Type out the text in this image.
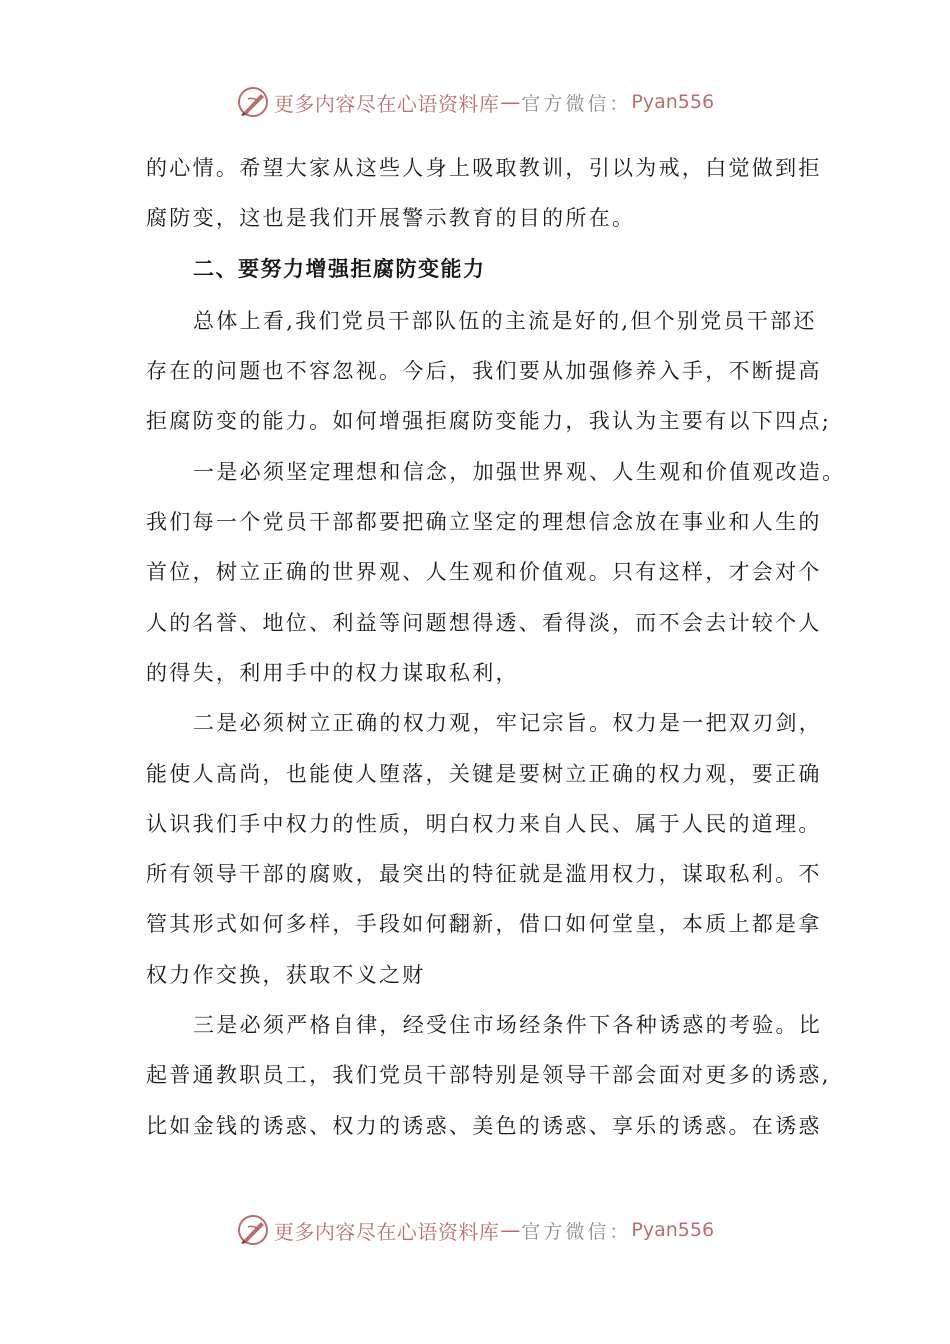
更多内容尽在心语资料库 — 官方微信： Pyan556
的心情。希望大家从这些人身上吸取教训，引以为戒，白觉做到拒
腐防变，这也是我们开展警示教育的目的所在。
二、要努力增强拒腐防变能力
总体上看,我们党员干部队伍的主流是好的,但个别党员干部还
存在的问题也不容忽视。今后，我们要从加强修养入手，不断提高
拒腐防变的能力。如何增强拒腐防变能力，我认为主要有以下四点;
一是必须坚定理想和信念，加强世界观、人生观和价值观改造。
我们每一个党员干部都要把确立坚定的理想信念放在事业和人生的
首位，树立正确的世界观、人生观和价值观。只有这样，才会对个
人的名誉、地位、利益等问题想得透、看得淡，而不会去计较个人
的得失，利用手中的权力谋取私利，
二是必须树立正确的权力观，牢记宗旨。权力是一把双刃剑，
能使人高尚，也能使人堕落，关键是要树立正确的权力观，要正确
认识我们手中权力的性质，明白权力来自人民、属于人民的道理。
所有领导干部的腐败，最突出的特征就是滥用权力，谋取私利。不
管其形式如何多样，手段如何翻新，借口如何堂皇，本质上都是拿
权力作交换，获取不义之财
三是必须严格自律，经受住市场经条件下各种诱惑的考验。比
起普通教职员工，我们党员干部特别是领导干部会面对更多的诱惑,
比如金钱的诱惑、权力的诱惑、美色的诱惑、享乐的诱惑。在诱惑
更多内容尽在心语资料库 — 官方微信： Pyan556
